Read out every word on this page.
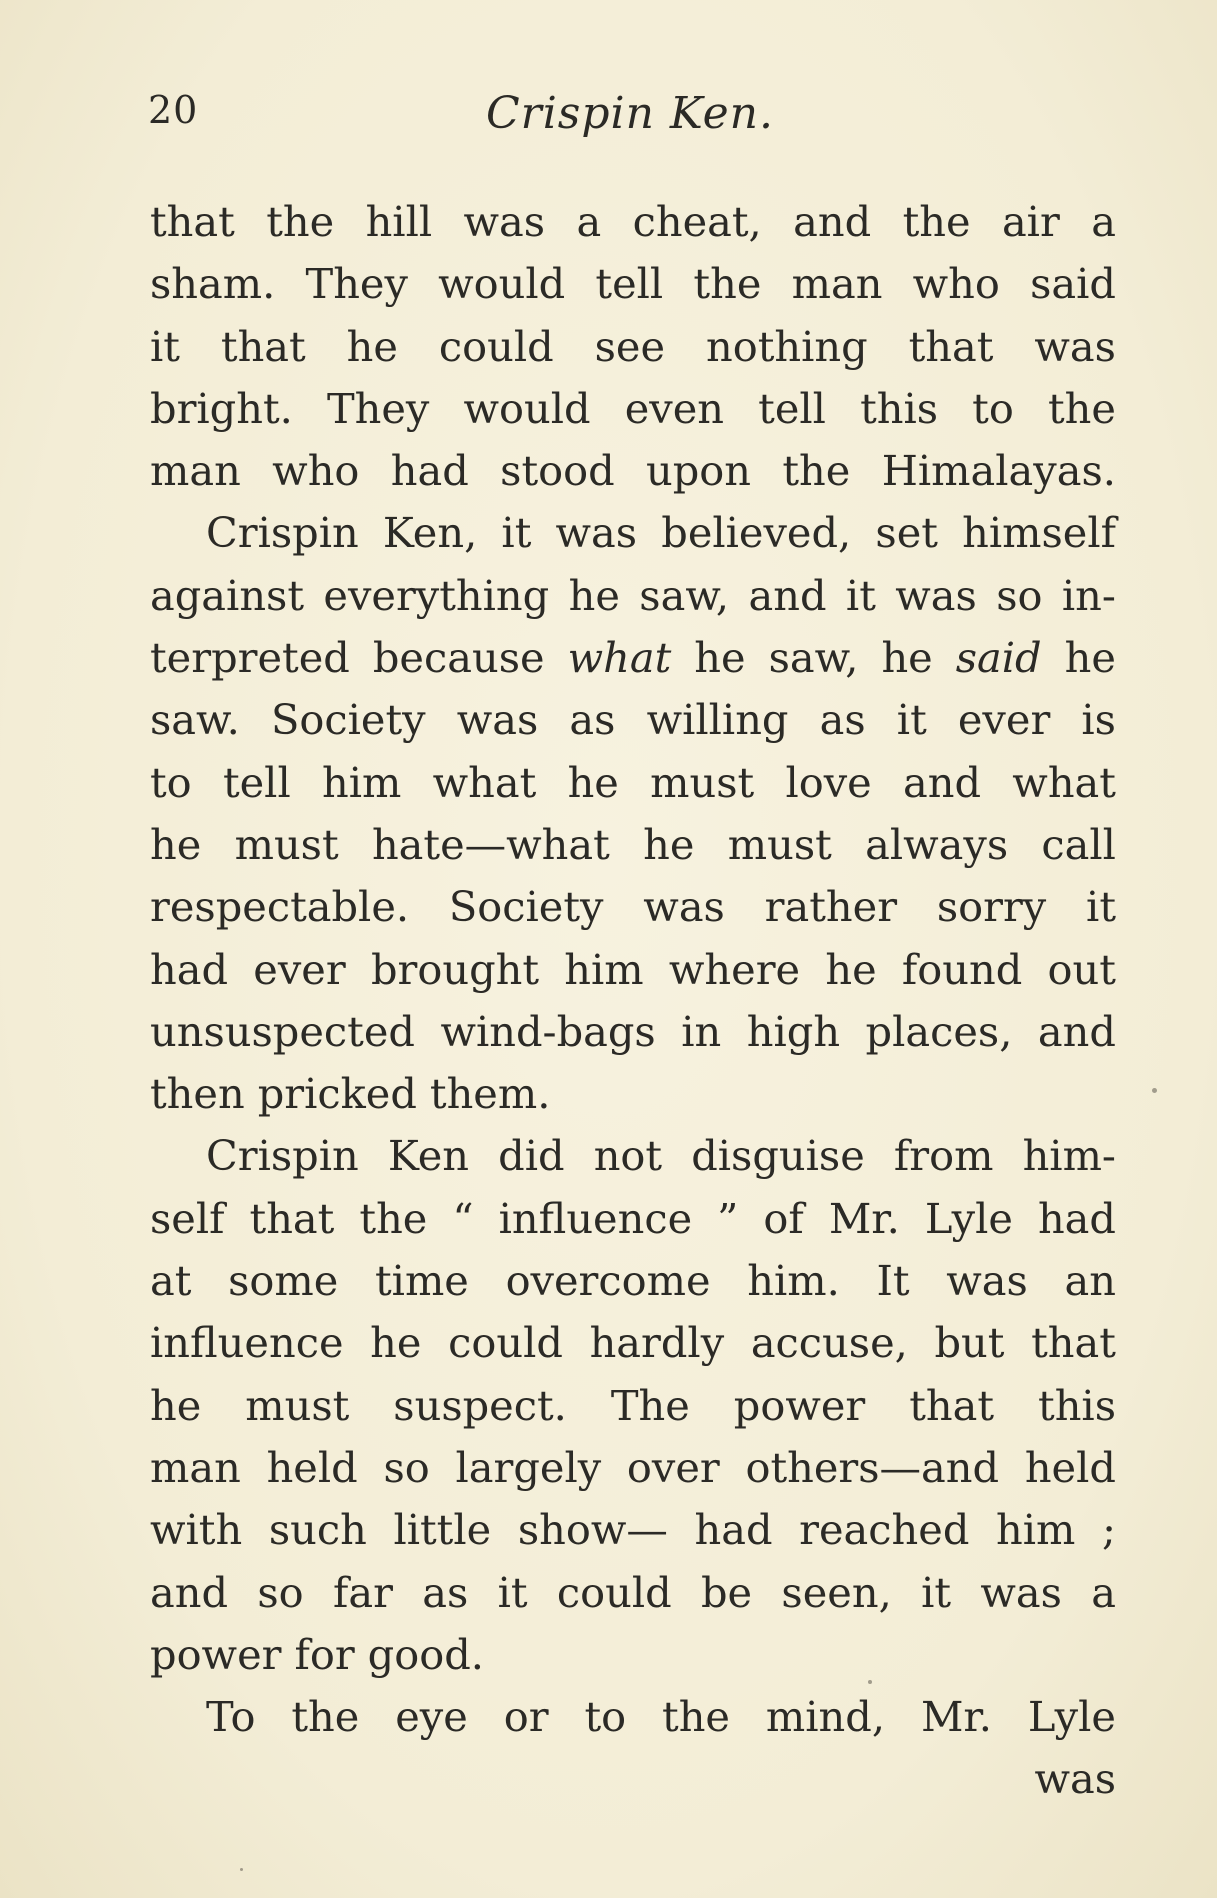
20	Crispin Ken.
that the hill was a cheat, and the air a
sham. They would tell the man who said
it that he could see nothing that was
bright. They would even tell this to the
man who had stood upon the Himalayas.
Crispin Ken, it was believed, set himself
against everything he saw, and it was so in-
terpreted because what he saw, he said he
saw. Society was as willing as it ever is
to tell him what he must love and what
he must hate—what he must always call
respectable. Society was rather sorry it
had ever brought him where he found out
unsuspected wind-bags in high places, and
then pricked them.
Crispin Ken did not disguise from him-
self that the “ influence ” of Mr. Lyle had
at some time overcome him. It was an
influence he could hardly accuse, but that
he must suspect. The power that this
man held so largely over others—and held
with such little show— had reached him ;
and so far as it could be seen, it was a
power for good.
To the eye or to the mind, Mr. Lyle
was
